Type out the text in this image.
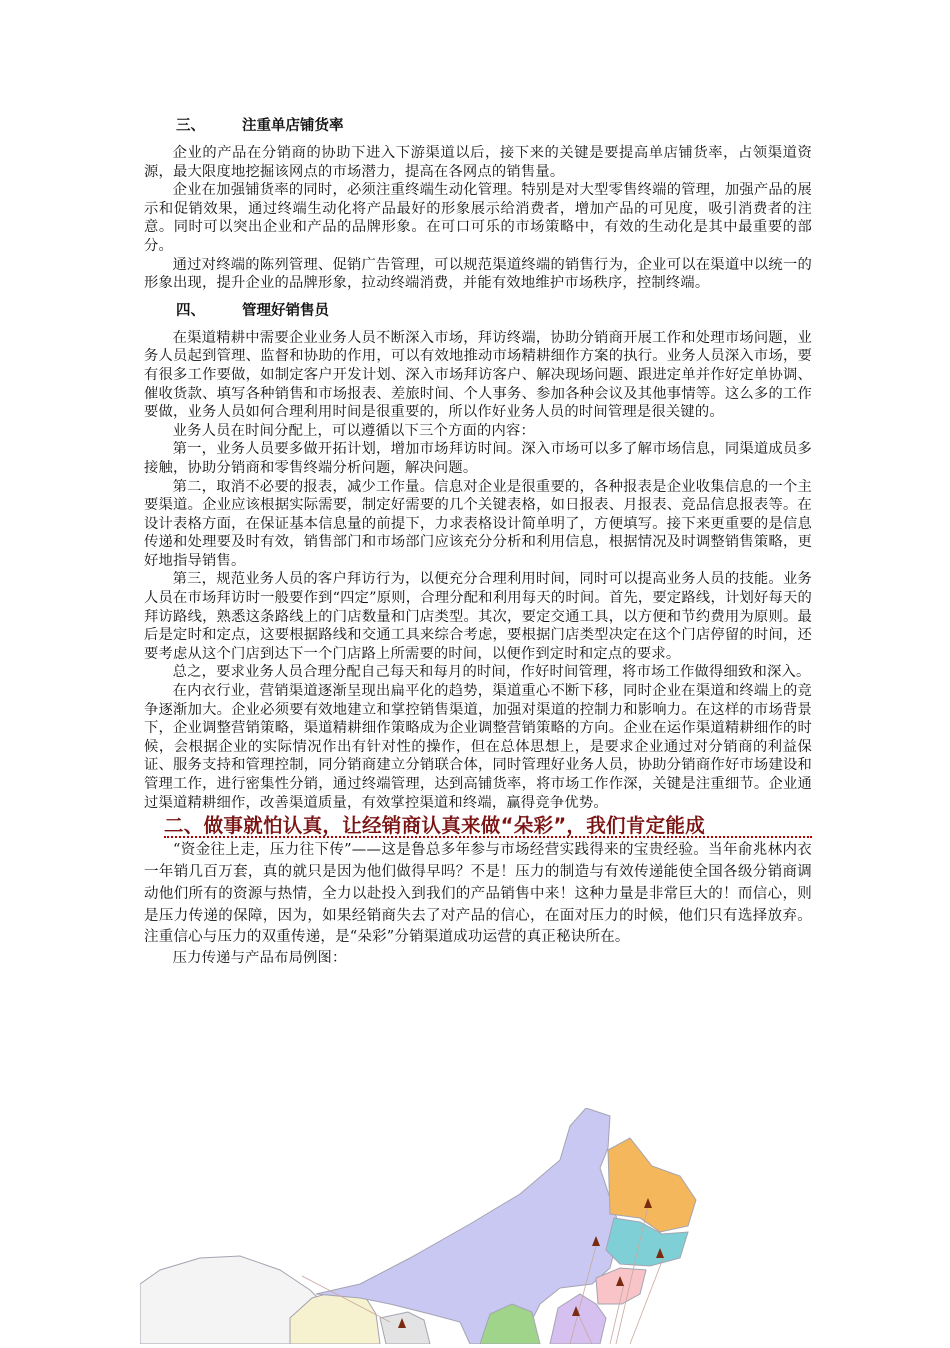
三、	注重单店铺货率

企业的产品在分销商的协助下进入下游渠道以后，接下来的关键是要提高单店铺货率，占领渠道资源，最大限度地挖掘该网点的市场潜力，提高在各网点的销售量。

企业在加强铺货率的同时，必须注重终端生动化管理。特别是对大型零售终端的管理，加强产品的展示和促销效果，通过终端生动化将产品最好的形象展示给消费者，增加产品的可见度，吸引消费者的注意。同时可以突出企业和产品的品牌形象。在可口可乐的市场策略中，有效的生动化是其中最重要的部分。

通过对终端的陈列管理、促销广告管理，可以规范渠道终端的销售行为，企业可以在渠道中以统一的形象出现，提升企业的品牌形象，拉动终端消费，并能有效地维护市场秩序，控制终端。

四、	管理好销售员

在渠道精耕中需要企业业务人员不断深入市场，拜访终端，协助分销商开展工作和处理市场问题，业务人员起到管理、监督和协助的作用，可以有效地推动市场精耕细作方案的执行。业务人员深入市场，要有很多工作要做，如制定客户开发计划、深入市场拜访客户、解决现场问题、跟进定单并作好定单协调、催收货款、填写各种销售和市场报表、差旅时间、个人事务、参加各种会议及其他事情等。这么多的工作要做，业务人员如何合理利用时间是很重要的，所以作好业务人员的时间管理是很关键的。

业务人员在时间分配上，可以遵循以下三个方面的内容：

第一，业务人员要多做开拓计划，增加市场拜访时间。深入市场可以多了解市场信息，同渠道成员多接触，协助分销商和零售终端分析问题，解决问题。

第二，取消不必要的报表，减少工作量。信息对企业是很重要的，各种报表是企业收集信息的一个主要渠道。企业应该根据实际需要，制定好需要的几个关键表格，如日报表、月报表、竞品信息报表等。在设计表格方面，在保证基本信息量的前提下，力求表格设计简单明了，方便填写。接下来更重要的是信息传递和处理要及时有效，销售部门和市场部门应该充分分析和利用信息，根据情况及时调整销售策略，更好地指导销售。

第三，规范业务人员的客户拜访行为，以便充分合理利用时间，同时可以提高业务人员的技能。业务人员在市场拜访时一般要作到“四定”原则，合理分配和利用每天的时间。首先，要定路线，计划好每天的拜访路线，熟悉这条路线上的门店数量和门店类型。其次，要定交通工具，以方便和节约费用为原则。最后是定时和定点，这要根据路线和交通工具来综合考虑，要根据门店类型决定在这个门店停留的时间，还要考虑从这个门店到达下一个门店路上所需要的时间，以便作到定时和定点的要求。

总之，要求业务人员合理分配自己每天和每月的时间，作好时间管理，将市场工作做得细致和深入。

在内衣行业，营销渠道逐渐呈现出扁平化的趋势，渠道重心不断下移，同时企业在渠道和终端上的竞争逐渐加大。企业必须要有效地建立和掌控销售渠道，加强对渠道的控制力和影响力。在这样的市场背景下，企业调整营销策略，渠道精耕细作策略成为企业调整营销策略的方向。企业在运作渠道精耕细作的时候，会根据企业的实际情况作出有针对性的操作，但在总体思想上，是要求企业通过对分销商的利益保证、服务支持和管理控制，同分销商建立分销联合体，同时管理好业务人员，协助分销商作好市场建设和管理工作，进行密集性分销，通过终端管理，达到高铺货率，将市场工作作深，关键是注重细节。企业通过渠道精耕细作，改善渠道质量，有效掌控渠道和终端，赢得竞争优势。

二、做事就怕认真，让经销商认真来做“朵彩”，我们肯定能成

“资金往上走，压力往下传”——这是鲁总多年参与市场经营实践得来的宝贵经验。当年俞兆林内衣一年销几百万套，真的就只是因为他们做得早吗？不是！压力的制造与有效传递能使全国各级分销商调动他们所有的资源与热情，全力以赴投入到我们的产品销售中来！这种力量是非常巨大的！而信心，则是压力传递的保障，因为，如果经销商失去了对产品的信心，在面对压力的时候，他们只有选择放弃。注重信心与压力的双重传递，是“朵彩”分销渠道成功运营的真正秘诀所在。

压力传递与产品布局例图：
